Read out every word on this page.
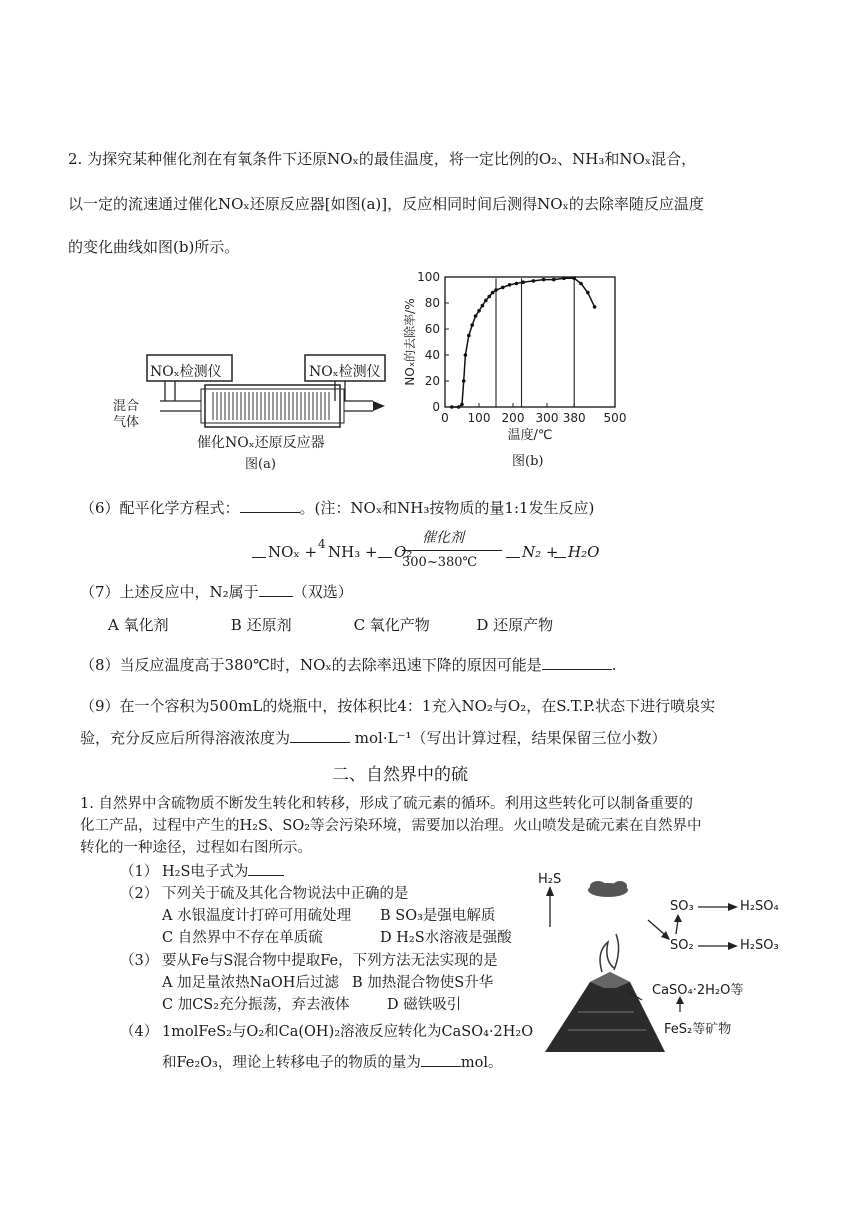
2. 为探究某种催化剂在有氧条件下还原NOₓ的最佳温度，将一定比例的O₂、NH₃和NOₓ混合，
以一定的流速通过催化NOₓ还原反应器[如图(a)]，反应相同时间后测得NOₓ的去除率随反应温度
的变化曲线如图(b)所示。
NOₓ检测仪	NOₓ检测仪
混合
气体
催化NOₓ还原反应器
图(a)
0 100 200 300 380 500
0
20
40
60
80
100
温度/℃
NOₓ的去除率/%
图(b)
（6）配平化学方程式：	。(注：NOₓ和NH₃按物质的量1:1发生反应)
NOₓ + 4 NH₃ + O₂
催化剂
300~380℃
N₂ + H₂O
（7）上述反应中，N₂属于 （双选）
A 氧化剂	B 还原剂	C 氧化产物	D 还原产物
（8）当反应温度高于380℃时，NOₓ的去除率迅速下降的原因可能是	.
（9）在一个容积为500mL的烧瓶中，按体积比4：1充入NO₂与O₂，在S.T.P.状态下进行喷泉实
验，充分反应后所得溶液浓度为	mol·L⁻¹（写出计算过程，结果保留三位小数）
二、自然界中的硫
1. 自然界中含硫物质不断发生转化和转移，形成了硫元素的循环。利用这些转化可以制备重要的
化工产品，过程中产生的H₂S、SO₂等会污染环境，需要加以治理。火山喷发是硫元素在自然界中
转化的一种途径，过程如右图所示。
（1） H₂S电子式为
（2） 下列关于硫及其化合物说法中正确的是
A 水银温度计打碎可用硫处理 B SO₃是强电解质
C 自然界中不存在单质硫	D H₂S水溶液是强酸
（3） 要从Fe与S混合物中提取Fe，下列方法无法实现的是
A 加足量浓热NaOH后过滤 B 加热混合物使S升华
C 加CS₂充分振荡，弃去液体	D 磁铁吸引
（4） 1molFeS₂与O₂和Ca(OH)₂溶液反应转化为CaSO₄·2H₂O
和Fe₂O₃，理论上转移电子的物质的量为	mol。
H₂S
SO₃	H₂SO₄
SO₂	H₂SO₃
CaSO₄·2H₂O等
FeS₂等矿物
